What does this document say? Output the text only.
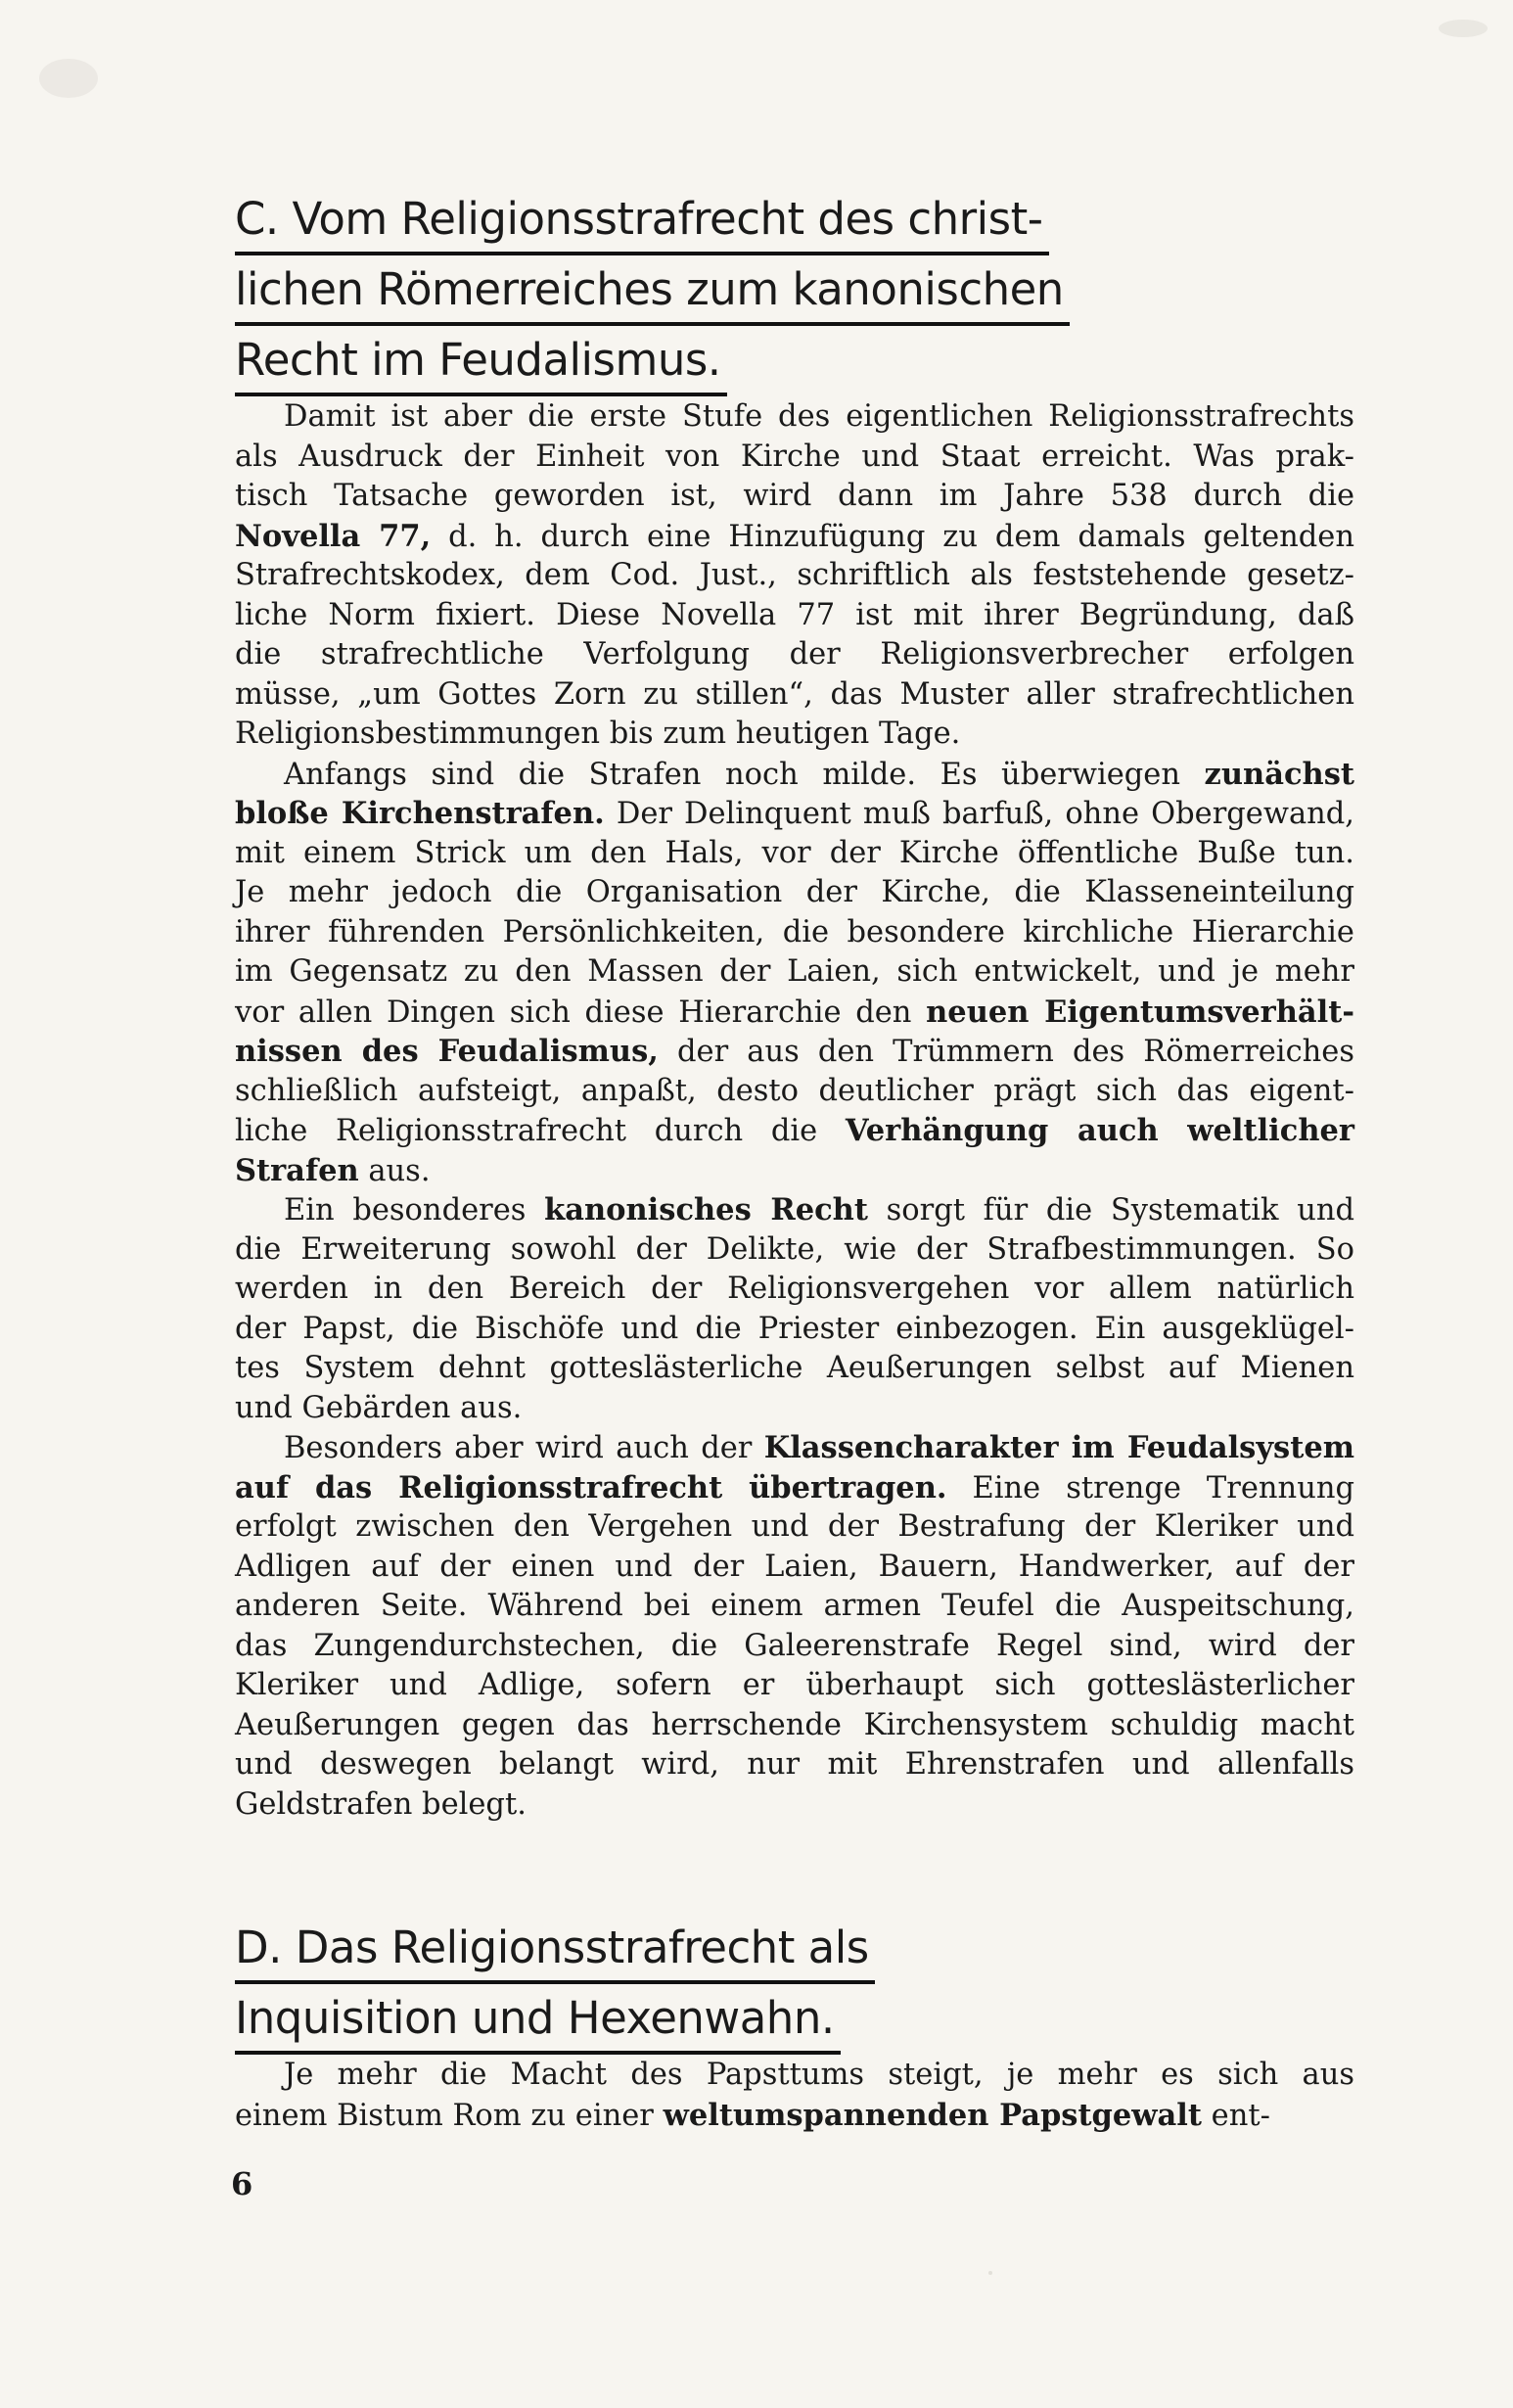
C. Vom Religionsstrafrecht des christ-
lichen Römerreiches zum kanonischen
Recht im Feudalismus.
Damit ist aber die erste Stufe des eigentlichen Religionsstrafrechts
als Ausdruck der Einheit von Kirche und Staat erreicht. Was prak-
tisch Tatsache geworden ist, wird dann im Jahre 538 durch die
Novella 77, d. h. durch eine Hinzufügung zu dem damals geltenden
Strafrechtskodex, dem Cod. Just., schriftlich als feststehende gesetz-
liche Norm fixiert. Diese Novella 77 ist mit ihrer Begründung, daß
die strafrechtliche Verfolgung der Religionsverbrecher erfolgen
müsse, „um Gottes Zorn zu stillen“, das Muster aller strafrechtlichen
Religionsbestimmungen bis zum heutigen Tage.
Anfangs sind die Strafen noch milde. Es überwiegen zunächst
bloße Kirchenstrafen. Der Delinquent muß barfuß, ohne Obergewand,
mit einem Strick um den Hals, vor der Kirche öffentliche Buße tun.
Je mehr jedoch die Organisation der Kirche, die Klasseneinteilung
ihrer führenden Persönlichkeiten, die besondere kirchliche Hierarchie
im Gegensatz zu den Massen der Laien, sich entwickelt, und je mehr
vor allen Dingen sich diese Hierarchie den neuen Eigentumsverhält-
nissen des Feudalismus, der aus den Trümmern des Römerreiches
schließlich aufsteigt, anpaßt, desto deutlicher prägt sich das eigent-
liche Religionsstrafrecht durch die Verhängung auch weltlicher
Strafen aus.
Ein besonderes kanonisches Recht sorgt für die Systematik und
die Erweiterung sowohl der Delikte, wie der Strafbestimmungen. So
werden in den Bereich der Religionsvergehen vor allem natürlich
der Papst, die Bischöfe und die Priester einbezogen. Ein ausgeklügel-
tes System dehnt gotteslästerliche Aeußerungen selbst auf Mienen
und Gebärden aus.
Besonders aber wird auch der Klassencharakter im Feudalsystem
auf das Religionsstrafrecht übertragen. Eine strenge Trennung
erfolgt zwischen den Vergehen und der Bestrafung der Kleriker und
Adligen auf der einen und der Laien, Bauern, Handwerker, auf der
anderen Seite. Während bei einem armen Teufel die Auspeitschung,
das Zungendurchstechen, die Galeerenstrafe Regel sind, wird der
Kleriker und Adlige, sofern er überhaupt sich gotteslästerlicher
Aeußerungen gegen das herrschende Kirchensystem schuldig macht
und deswegen belangt wird, nur mit Ehrenstrafen und allenfalls
Geldstrafen belegt.
D. Das Religionsstrafrecht als
Inquisition und Hexenwahn.
Je mehr die Macht des Papsttums steigt, je mehr es sich aus
einem Bistum Rom zu einer weltumspannenden Papstgewalt ent-
6
